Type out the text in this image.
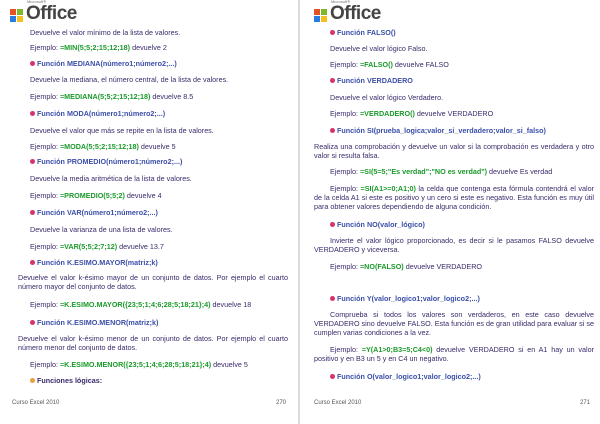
Microsoft®
Office
Devuelve el valor mínimo de la lista de valores.
Ejemplo: =MIN(5;5;2;15;12;18) devuelve 2
Función MEDIANA(número1;número2;...)
Devuelve la mediana, el número central, de la lista de valores.
Ejemplo: =MEDIANA(5;5;2;15;12;18) devuelve 8.5
Función MODA(número1;número2;...)
Devuelve el valor que más se repite en la lista de valores.
Ejemplo: =MODA(5;5;2;15;12;18) devuelve 5
Función PROMEDIO(número1;número2;...)
Devuelve la media aritmética de la lista de valores.
Ejemplo: =PROMEDIO(5;5;2) devuelve 4
Función VAR(número1;número2;...)
Devuelve la varianza de una lista de valores.
Ejemplo: =VAR(5;5;2;7;12) devuelve 13.7
Función K.ESIMO.MAYOR(matriz;k)
Devuelve el valor k-ésimo mayor de un conjunto de datos. Por ejemplo el cuarto número mayor del conjunto de datos.
Ejemplo: =K.ESIMO.MAYOR({23;5;1;4;6;28;5;18;21};4) devuelve 18
Función K.ESIMO.MENOR(matriz;k)
Devuelve el valor k-ésimo menor de un conjunto de datos. Por ejemplo el cuarto número menor del conjunto de datos.
Ejemplo: =K.ESIMO.MENOR({23;5;1;4;6;28;5;18;21};4) devuelve 5
Funciones lógicas:
Curso Excel 2010	270
Microsoft®
Office
Función FALSO()
Devuelve el valor lógico Falso.
Ejemplo: =FALSO() devuelve FALSO
Función VERDADERO
Devuelve el valor lógico Verdadero.
Ejemplo: =VERDADERO() devuelve VERDADERO
Función SI(prueba_logica;valor_si_verdadero;valor_si_falso)
Realiza una comprobación y devuelve un valor si la comprobación es verdadera y otro valor si resulta falsa.
Ejemplo: =SI(5=5;"Es verdad";"NO es verdad") devuelve Es verdad
Ejemplo: =SI(A1>=0;A1;0) la celda que contenga esta fórmula contendrá el valor de la celda A1 si este es positivo y un cero si este es negativo. Esta función es muy útil para obtener valores dependiendo de alguna condición.
Función NO(valor_lógico)
Invierte el valor lógico proporcionado, es decir si le pasamos FALSO devuelve VERDADERO y viceversa.
Ejemplo: =NO(FALSO) devuelve VERDADERO
Función Y(valor_logico1;valor_logico2;...)
Comprueba si todos los valores son verdaderos, en este caso devuelve VERDADERO sino devuelve FALSO. Esta función es de gran utilidad para evaluar si se cumplen varias condiciones a la vez.
Ejemplo: =Y(A1>0;B3=5;C4<0) devuelve VERDADERO si en A1 hay un valor positivo y en B3 un 5 y en C4 un negativo.
Función O(valor_logico1;valor_logico2;...)
Curso Excel 2010	271
